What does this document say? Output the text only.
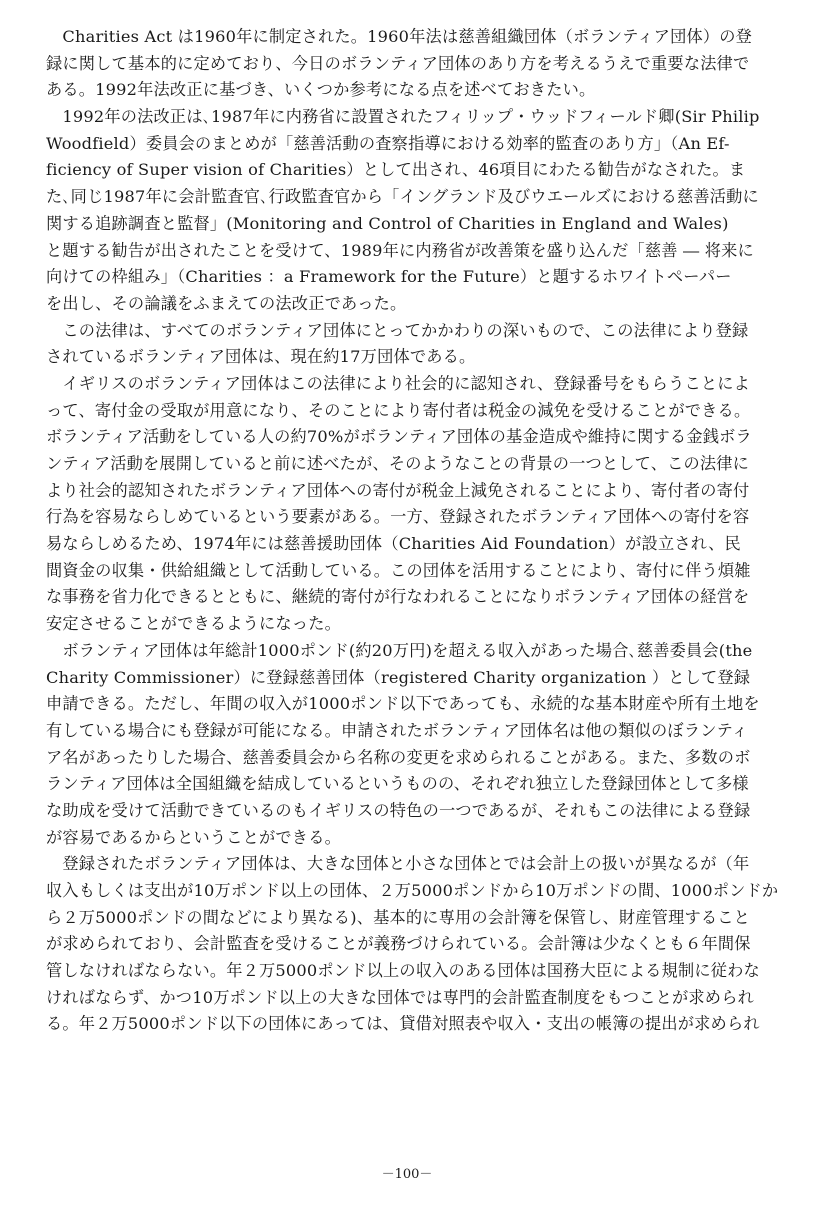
　Charities Act は1960年に制定された。1960年法は慈善組織団体（ボランティア団体）の登
録に関して基本的に定めており、今日のボランティア団体のあり方を考えるうえで重要な法律で
ある。1992年法改正に基づき、いくつか参考になる点を述べておきたい。
　1992年の法改正は､1987年に内務省に設置されたフィリップ・ウッドフィールド卿(Sir Philip
Woodfield）委員会のまとめが「慈善活動の査察指導における効率的監査のあり方」（An Ef-
ficiency of Super vision of Charities）として出され、46項目にわたる勧告がなされた。ま
た､同じ1987年に会計監査官､行政監査官から「イングランド及びウエールズにおける慈善活動に
関する追跡調査と監督」(Monitoring and Control of Charities in England and Wales)
と題する勧告が出されたことを受けて、1989年に内務省が改善策を盛り込んだ「慈善 ― 将来に
向けての枠組み」（Charities ：a Framework for the Future）と題するホワイトペーパー
を出し、その論議をふまえての法改正であった。
　この法律は、すべてのボランティア団体にとってかかわりの深いもので、この法律により登録
されているボランティア団体は、現在約17万団体である。
　イギリスのボランティア団体はこの法律により社会的に認知され、登録番号をもらうことによ
って、寄付金の受取が用意になり、そのことにより寄付者は税金の減免を受けることができる。
ボランティア活動をしている人の約70%がボランティア団体の基金造成や維持に関する金銭ボラ
ンティア活動を展開していると前に述べたが、そのようなことの背景の一つとして、この法律に
より社会的認知されたボランティア団体への寄付が税金上減免されることにより、寄付者の寄付
行為を容易ならしめているという要素がある。一方、登録されたボランティア団体への寄付を容
易ならしめるため、1974年には慈善援助団体（Charities Aid Foundation）が設立され、民
間資金の収集・供給組織として活動している。この団体を活用することにより、寄付に伴う煩雑
な事務を省力化できるとともに、継続的寄付が行なわれることになりボランティア団体の経営を
安定させることができるようになった。
　ボランティア団体は年総計1000ポンド(約20万円)を超える収入があった場合､慈善委員会(the
Charity Commissioner）に登録慈善団体（registered Charity organization ）として登録
申請できる。ただし、年間の収入が1000ポンド以下であっても、永続的な基本財産や所有土地を
有している場合にも登録が可能になる。申請されたボランティア団体名は他の類似のぼランティ
ア名があったりした場合、慈善委員会から名称の変更を求められることがある。また、多数のボ
ランティア団体は全国組織を結成しているというものの、それぞれ独立した登録団体として多様
な助成を受けて活動できているのもイギリスの特色の一つであるが、それもこの法律による登録
が容易であるからということができる。
　登録されたボランティア団体は、大きな団体と小さな団体とでは会計上の扱いが異なるが（年
収入もしくは支出が10万ポンド以上の団体、２万5000ポンドから10万ポンドの間、1000ポンドか
ら２万5000ポンドの間などにより異なる)、基本的に専用の会計簿を保管し、財産管理すること
が求められており、会計監査を受けることが義務づけられている。会計簿は少なくとも６年間保
管しなければならない。年２万5000ポンド以上の収入のある団体は国務大臣による規制に従わな
ければならず、かつ10万ポンド以上の大きな団体では専門的会計監査制度をもつことが求められ
る。年２万5000ポンド以下の団体にあっては、貸借対照表や収入・支出の帳簿の提出が求められ
－100－
